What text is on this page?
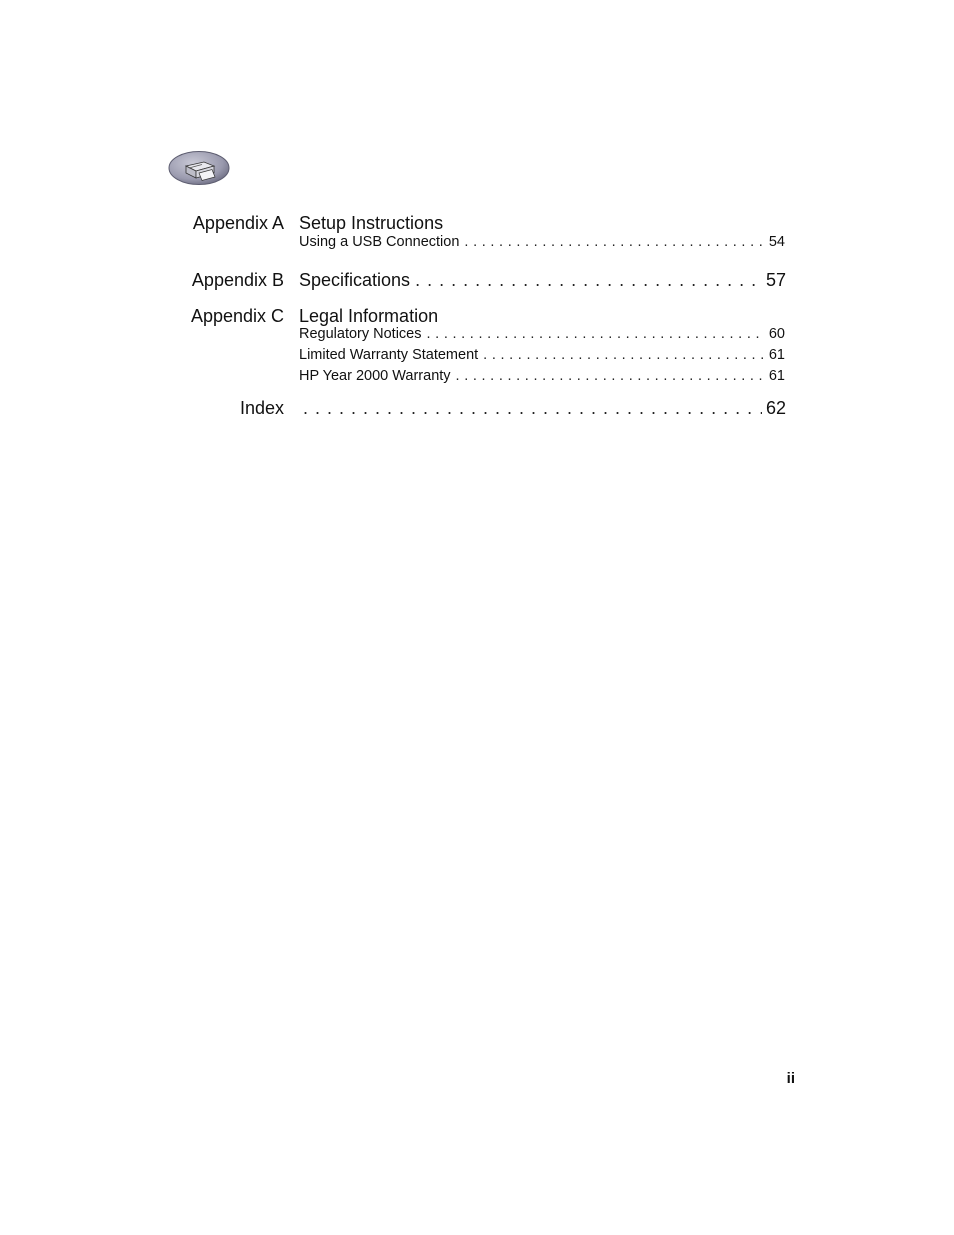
Appendix A Setup Instructions
Using a USB Connection . . .	54
Appendix B Specifications . . .	57
Appendix C Legal Information
Regulatory Notices . . .	60
Limited Warranty Statement . . .	61
HP Year 2000 Warranty . . .	61
Index . . .	62
ii
